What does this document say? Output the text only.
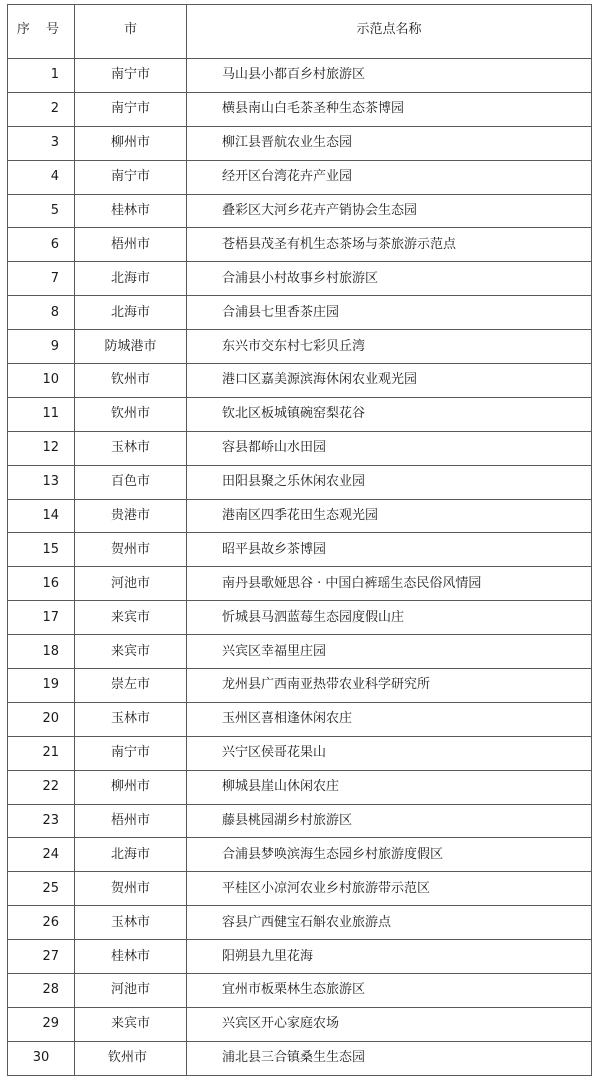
序 号	市	示范点名称
1	南宁市	马山县小都百乡村旅游区
2	南宁市	横县南山白毛茶圣种生态茶博园
3	柳州市	柳江县晋航农业生态园
4	南宁市	经开区台湾花卉产业园
5	桂林市	叠彩区大河乡花卉产销协会生态园
6	梧州市	苍梧县茂圣有机生态茶场与茶旅游示范点
7	北海市	合浦县小村故事乡村旅游区
8	北海市	合浦县七里香茶庄园
9	防城港市	东兴市交东村七彩贝丘湾
10	钦州市	港口区嘉美源滨海休闲农业观光园
11	钦州市	钦北区板城镇碗窑梨花谷
12	玉林市	容县都峤山水田园
13	百色市	田阳县聚之乐休闲农业园
14	贵港市	港南区四季花田生态观光园
15	贺州市	昭平县故乡茶博园
16	河池市	南丹县歌娅思谷 · 中国白裤瑶生态民俗风情园
17	来宾市	忻城县马泗蓝莓生态园度假山庄
18	来宾市	兴宾区幸福里庄园
19	崇左市	龙州县广西南亚热带农业科学研究所
20	玉林市	玉州区喜相逢休闲农庄
21	南宁市	兴宁区侯哥花果山
22	柳州市	柳城县崖山休闲农庄
23	梧州市	藤县桃园湖乡村旅游区
24	北海市	合浦县梦唤滨海生态园乡村旅游度假区
25	贺州市	平桂区小凉河农业乡村旅游带示范区
26	玉林市	容县广西健宝石斛农业旅游点
27	桂林市	阳朔县九里花海
28	河池市	宜州市板栗林生态旅游区
29	来宾市	兴宾区开心家庭农场
30	钦州市	浦北县三合镇桑生生态园
